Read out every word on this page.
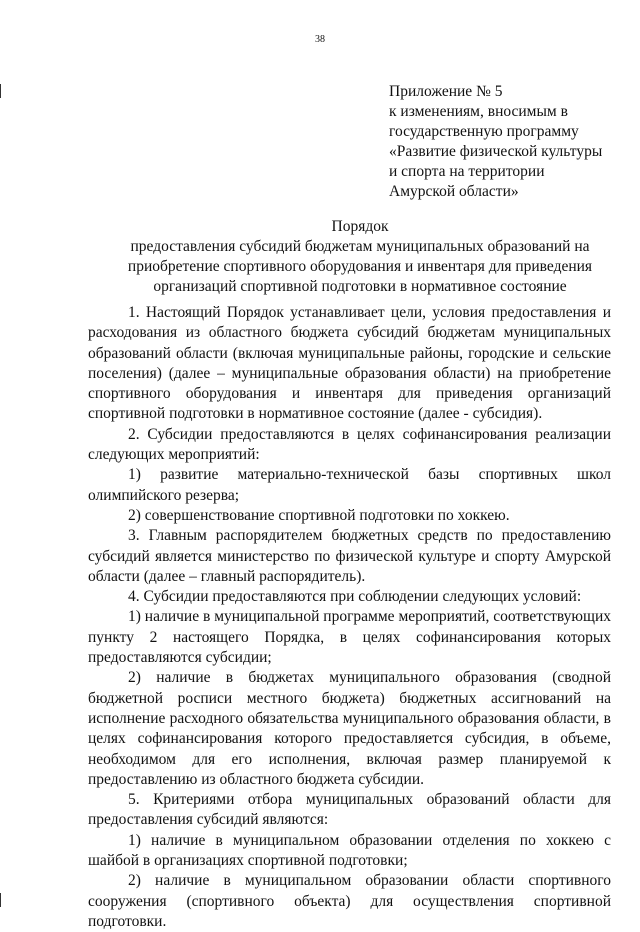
38
Приложение № 5
к изменениям, вносимым в
государственную программу
«Развитие физической культуры
и спорта на территории
Амурской области»
Порядок
предоставления субсидий бюджетам муниципальных образований на
приобретение спортивного оборудования и инвентаря для приведения
организаций спортивной подготовки в нормативное состояние

1. Настоящий Порядок устанавливает цели, условия предоставления и расходования из областного бюджета субсидий бюджетам муниципальных образований области (включая муниципальные районы, городские и сельские поселения) (далее – муниципальные образования области) на приобретение спортивного оборудования и инвентаря для приведения организаций спортивной подготовки в нормативное состояние (далее - субсидия).

2. Субсидии предоставляются в целях софинансирования реализации следующих мероприятий:

1) развитие материально-технической базы спортивных школ олимпийского резерва;

2) совершенствование спортивной подготовки по хоккею.

3. Главным распорядителем бюджетных средств по предоставлению субсидий является министерство по физической культуре и спорту Амурской области (далее – главный распорядитель).

4. Субсидии предоставляются при соблюдении следующих условий:

1) наличие в муниципальной программе мероприятий, соответствующих пункту 2 настоящего Порядка, в целях софинансирования которых предоставляются субсидии;

2) наличие в бюджетах муниципального образования (сводной бюджетной росписи местного бюджета) бюджетных ассигнований на исполнение расходного обязательства муниципального образования области, в целях софинансирования которого предоставляется субсидия, в объеме, необходимом для его исполнения, включая размер планируемой к предоставлению из областного бюджета субсидии.

5. Критериями отбора муниципальных образований области для предоставления субсидий являются:

1) наличие в муниципальном образовании отделения по хоккею с шайбой в организациях спортивной подготовки;

2) наличие в муниципальном образовании области спортивного сооружения (спортивного объекта) для осуществления спортивной подготовки.
